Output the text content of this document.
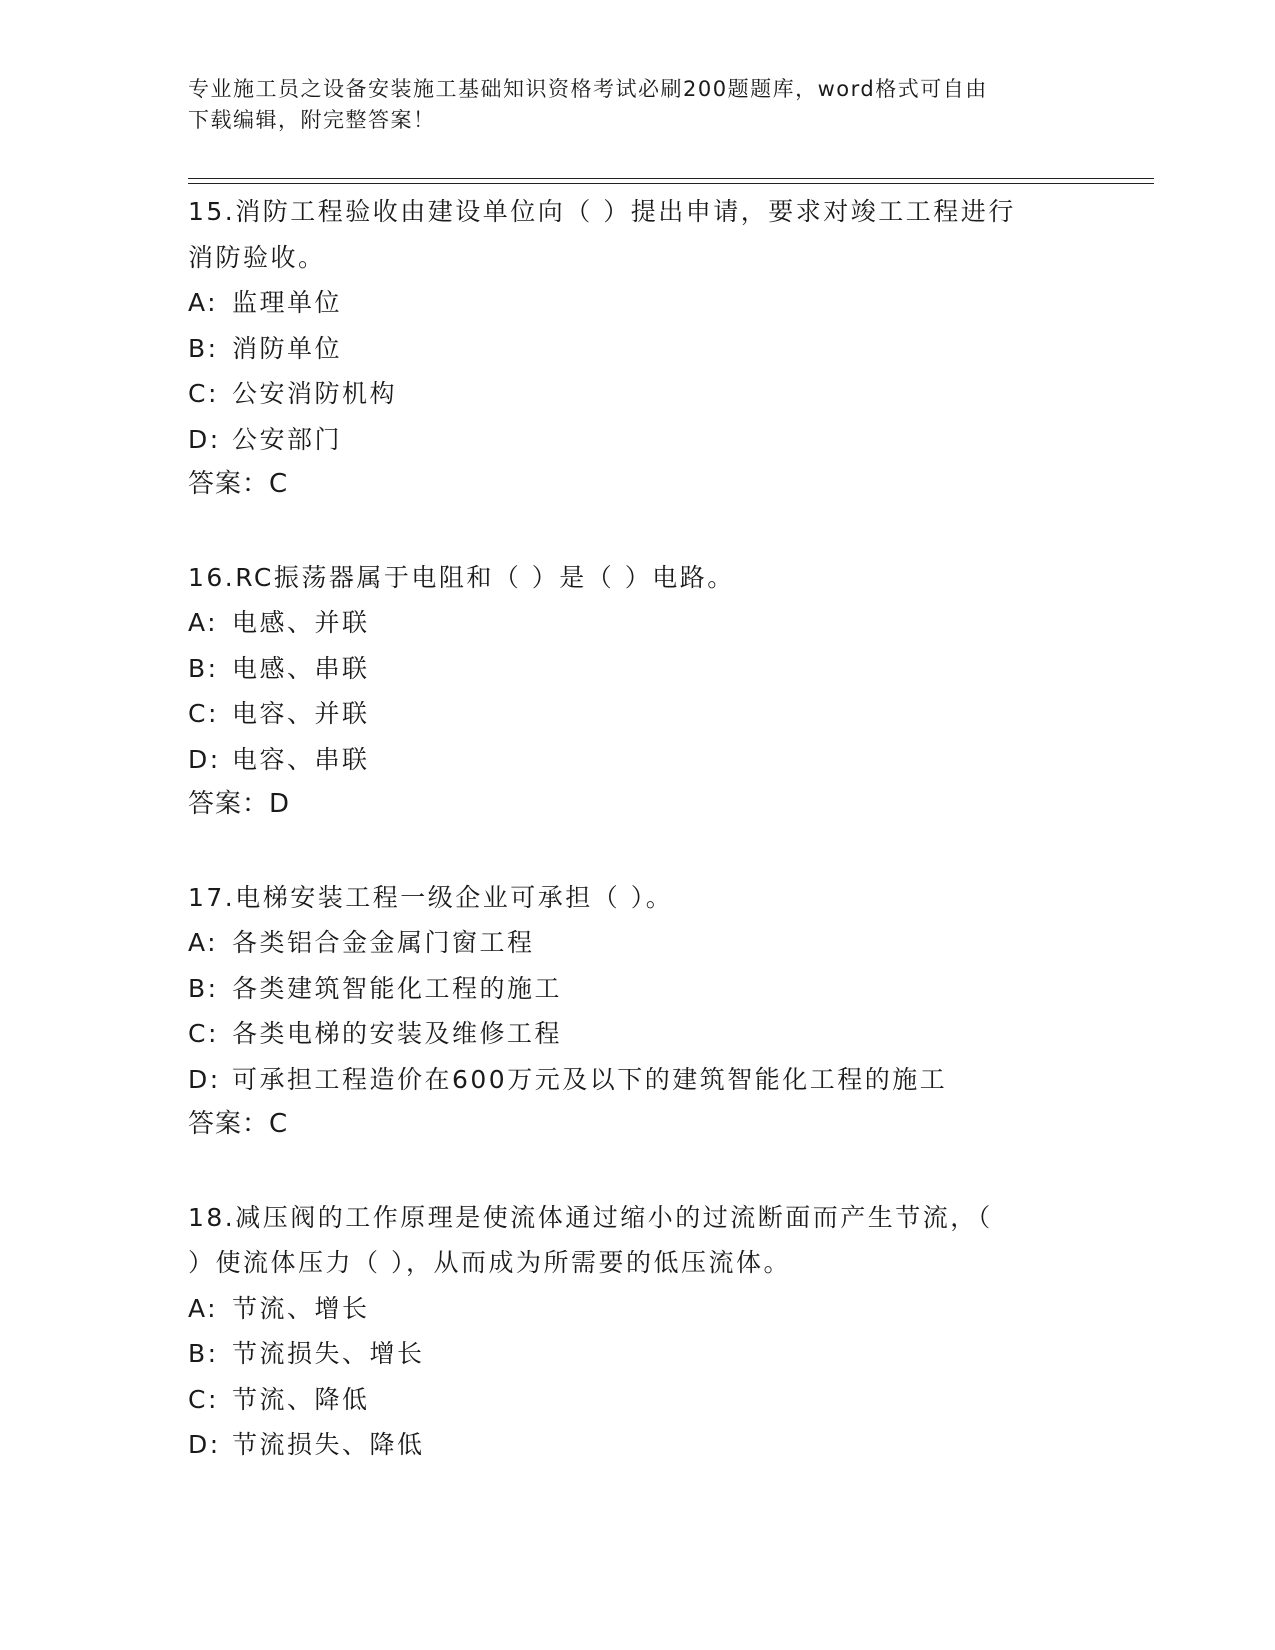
专业施工员之设备安装施工基础知识资格考试必刷200题题库，word格式可自由
下载编辑，附完整答案！
15.消防工程验收由建设单位向（ ）提出申请，要求对竣工工程进行
消防验收。
A: 监理单位
B: 消防单位
C: 公安消防机构
D: 公安部门
答案：C
16.RC振荡器属于电阻和（ ）是（ ）电路。
A: 电感、并联
B: 电感、串联
C: 电容、并联
D: 电容、串联
答案：D
17.电梯安装工程一级企业可承担（ ）。
A: 各类铝合金金属门窗工程
B: 各类建筑智能化工程的施工
C: 各类电梯的安装及维修工程
D: 可承担工程造价在600万元及以下的建筑智能化工程的施工
答案：C
18.减压阀的工作原理是使流体通过缩小的过流断面而产生节流，（
）使流体压力（ ），从而成为所需要的低压流体。
A: 节流、增长
B: 节流损失、增长
C: 节流、降低
D: 节流损失、降低
